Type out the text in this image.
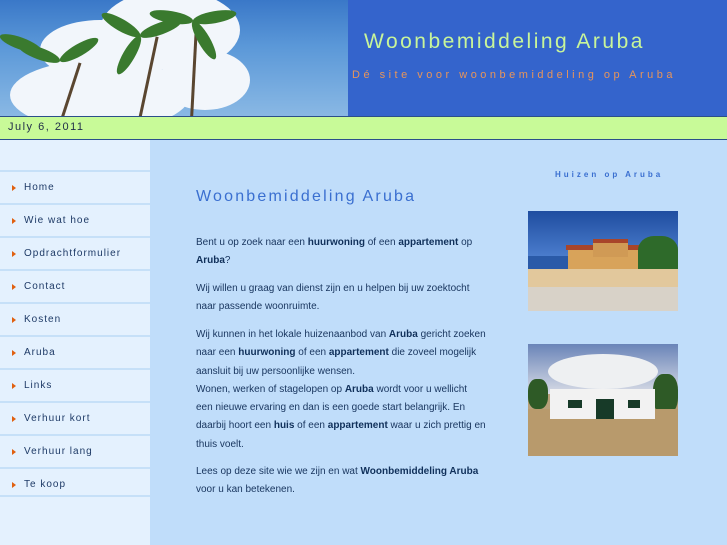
Woonbemiddeling Aruba
Dé site voor woonbemiddeling op Aruba
July 6, 2011
Home
Wie wat hoe
Opdrachtformulier
Contact
Kosten
Aruba
Links
Verhuur kort
Verhuur lang
Te koop
Woonbemiddeling Aruba
Bent u op zoek naar een huurwoning of een appartement op Aruba?
Wij willen u graag van dienst zijn en u helpen bij uw zoektocht naar passende woonruimte.
Wij kunnen in het lokale huizenaanbod van Aruba gericht zoeken naar een huurwoning of een appartement die zoveel mogelijk aansluit bij uw persoonlijke wensen.
Wonen, werken of stagelopen op Aruba wordt voor u wellicht een nieuwe ervaring en dan is een goede start belangrijk. En daarbij hoort een huis of een appartement waar u zich prettig en thuis voelt.
Lees op deze site wie we zijn en wat Woonbemiddeling Aruba voor u kan betekenen.
Huizen op Aruba
